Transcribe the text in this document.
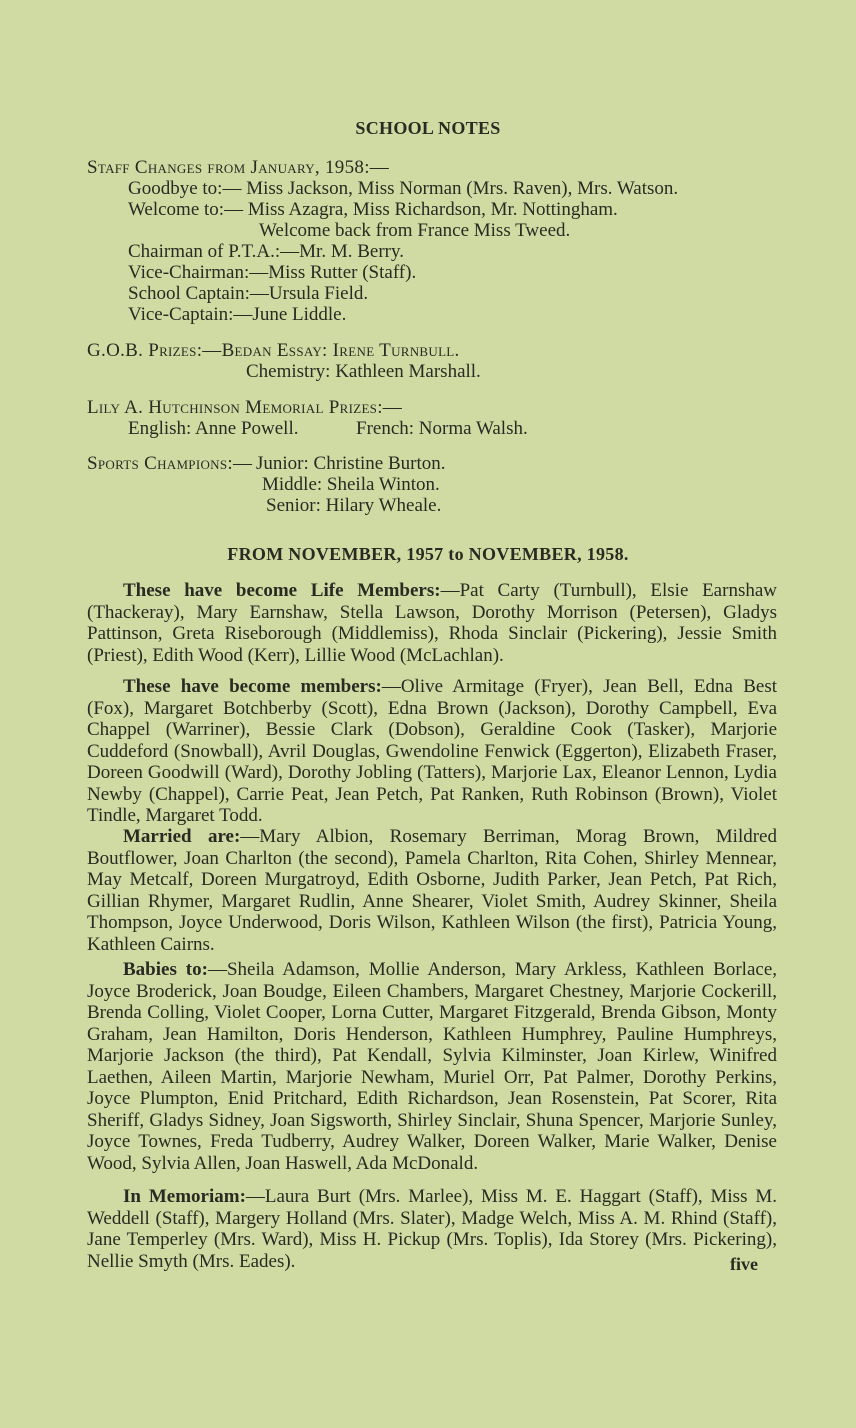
SCHOOL NOTES
Staff Changes from January, 1958:—
Goodbye to:— Miss Jackson, Miss Norman (Mrs. Raven), Mrs. Watson.
Welcome to:— Miss Azagra, Miss Richardson, Mr. Nottingham.
Welcome back from France Miss Tweed.
Chairman of P.T.A.:—Mr. M. Berry.
Vice-Chairman:—Miss Rutter (Staff).
School Captain:—Ursula Field.
Vice-Captain:—June Liddle.
G.O.B. Prizes:—Bedan Essay: Irene Turnbull.
Chemistry: Kathleen Marshall.
Lily A. Hutchinson Memorial Prizes:—
English: Anne Powell.	French: Norma Walsh.
Sports Champions:— Junior: Christine Burton.
Middle: Sheila Winton.
Senior: Hilary Wheale.
FROM NOVEMBER, 1957 to NOVEMBER, 1958.
These have become Life Members:—Pat Carty (Turnbull), Elsie Earnshaw (Thackeray), Mary Earnshaw, Stella Lawson, Dorothy Morrison (Petersen), Gladys Pattinson, Greta Riseborough (Middlemiss), Rhoda Sinclair (Pickering), Jessie Smith (Priest), Edith Wood (Kerr), Lillie Wood (McLachlan).
These have become members:—Olive Armitage (Fryer), Jean Bell, Edna Best (Fox), Margaret Botchberby (Scott), Edna Brown (Jackson), Dorothy Campbell, Eva Chappel (Warriner), Bessie Clark (Dobson), Geraldine Cook (Tasker), Marjorie Cuddeford (Snowball), Avril Douglas, Gwendoline Fenwick (Eggerton), Elizabeth Fraser, Doreen Goodwill (Ward), Dorothy Jobling (Tatters), Marjorie Lax, Eleanor Lennon, Lydia Newby (Chappel), Carrie Peat, Jean Petch, Pat Ranken, Ruth Robinson (Brown), Violet Tindle, Margaret Todd.
Married are:—Mary Albion, Rosemary Berriman, Morag Brown, Mildred Boutflower, Joan Charlton (the second), Pamela Charlton, Rita Cohen, Shirley Mennear, May Metcalf, Doreen Murgatroyd, Edith Osborne, Judith Parker, Jean Petch, Pat Rich, Gillian Rhymer, Margaret Rudlin, Anne Shearer, Violet Smith, Audrey Skinner, Sheila Thompson, Joyce Underwood, Doris Wilson, Kathleen Wilson (the first), Patricia Young, Kathleen Cairns.
Babies to:—Sheila Adamson, Mollie Anderson, Mary Arkless, Kathleen Borlace, Joyce Broderick, Joan Boudge, Eileen Chambers, Margaret Chestney, Marjorie Cockerill, Brenda Colling, Violet Cooper, Lorna Cutter, Margaret Fitzgerald, Brenda Gibson, Monty Graham, Jean Hamilton, Doris Henderson, Kathleen Humphrey, Pauline Humphreys, Marjorie Jackson (the third), Pat Kendall, Sylvia Kilminster, Joan Kirlew, Winifred Laethen, Aileen Martin, Marjorie Newham, Muriel Orr, Pat Palmer, Dorothy Perkins, Joyce Plumpton, Enid Pritchard, Edith Richardson, Jean Rosenstein, Pat Scorer, Rita Sheriff, Gladys Sidney, Joan Sigsworth, Shirley Sinclair, Shuna Spencer, Marjorie Sunley, Joyce Townes, Freda Tudberry, Audrey Walker, Doreen Walker, Marie Walker, Denise Wood, Sylvia Allen, Joan Haswell, Ada McDonald.
In Memoriam:—Laura Burt (Mrs. Marlee), Miss M. E. Haggart (Staff), Miss M. Weddell (Staff), Margery Holland (Mrs. Slater), Madge Welch, Miss A. M. Rhind (Staff), Jane Temperley (Mrs. Ward), Miss H. Pickup (Mrs. Toplis), Ida Storey (Mrs. Pickering), Nellie Smyth (Mrs. Eades).	five
